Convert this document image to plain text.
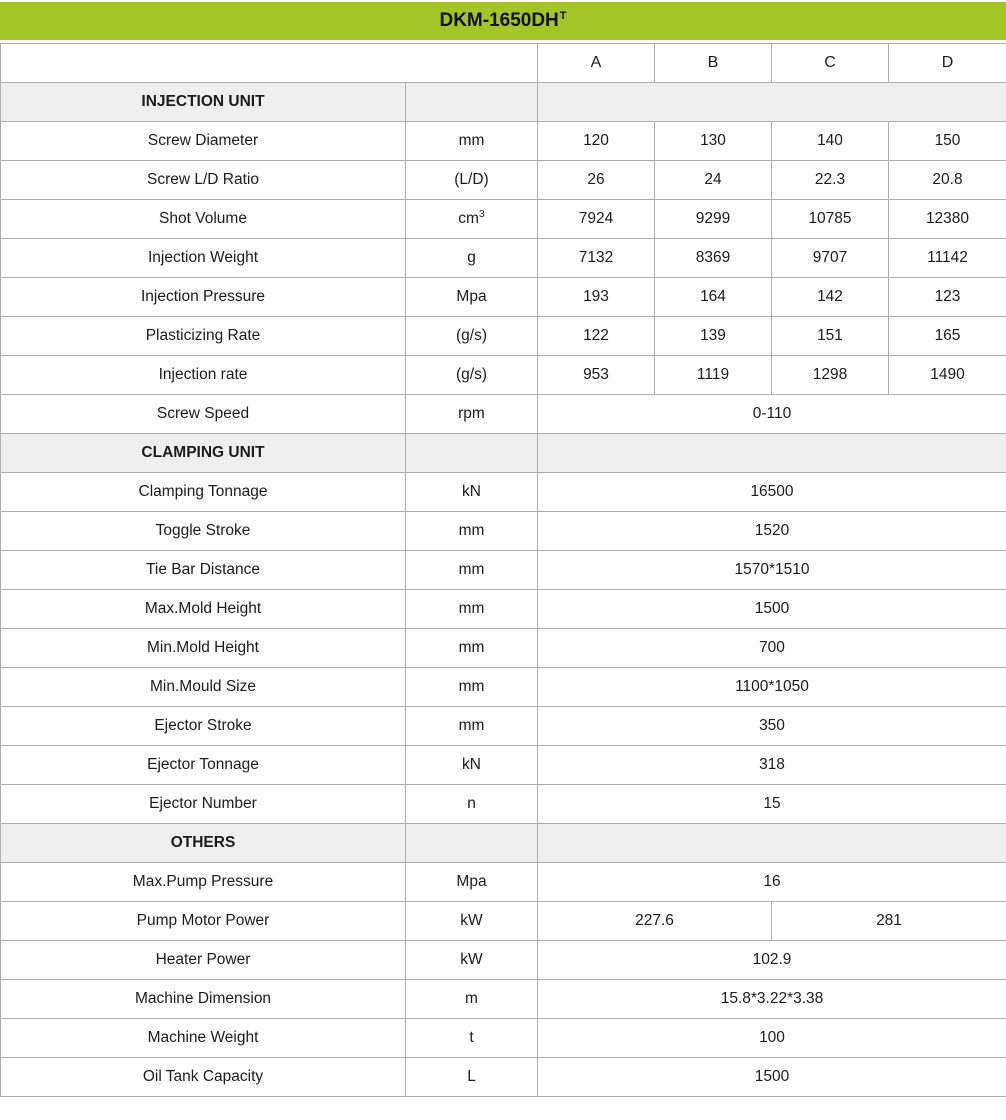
DKM-$1650DH^T$
		A	B	C	D
INJECTION UNIT					
Screw Diameter	mm	120	130	140	150
Screw L/D Ratio	(L/D)	26	24	22.3	20.8
Shot Volume	$cm^3$	7924	9299	10785	12380
Injection Weight	g	7132	8369	9707	11142
Injection Pressure	Mpa	193	164	142	123
Plasticizing Rate	(g/s)	122	139	151	165
Injection rate	(g/s)	953	1119	1298	1490
Screw Speed	rpm	0-110			
CLAMPING UNIT					
Clamping Tonnage	kN	16500			
Toggle Stroke	mm	1520			
Tie Bar Distance	mm	1570*1510			
Max.Mold Height	mm	1500			
Min.Mold Height	mm	700			
Min.Mould Size	mm	1100*1050			
Ejector Stroke	mm	350			
Ejector Tonnage	kN	318			
Ejector Number	n	15			
OTHERS					
Max.Pump Pressure	Mpa	16			
Pump Motor Power	kW	227.6		281	
Heater Power	kW	102.9			
Machine Dimension	m	15.8*3.22*3.38			
Machine Weight	t	100			
Oil Tank Capacity	L	1500			
